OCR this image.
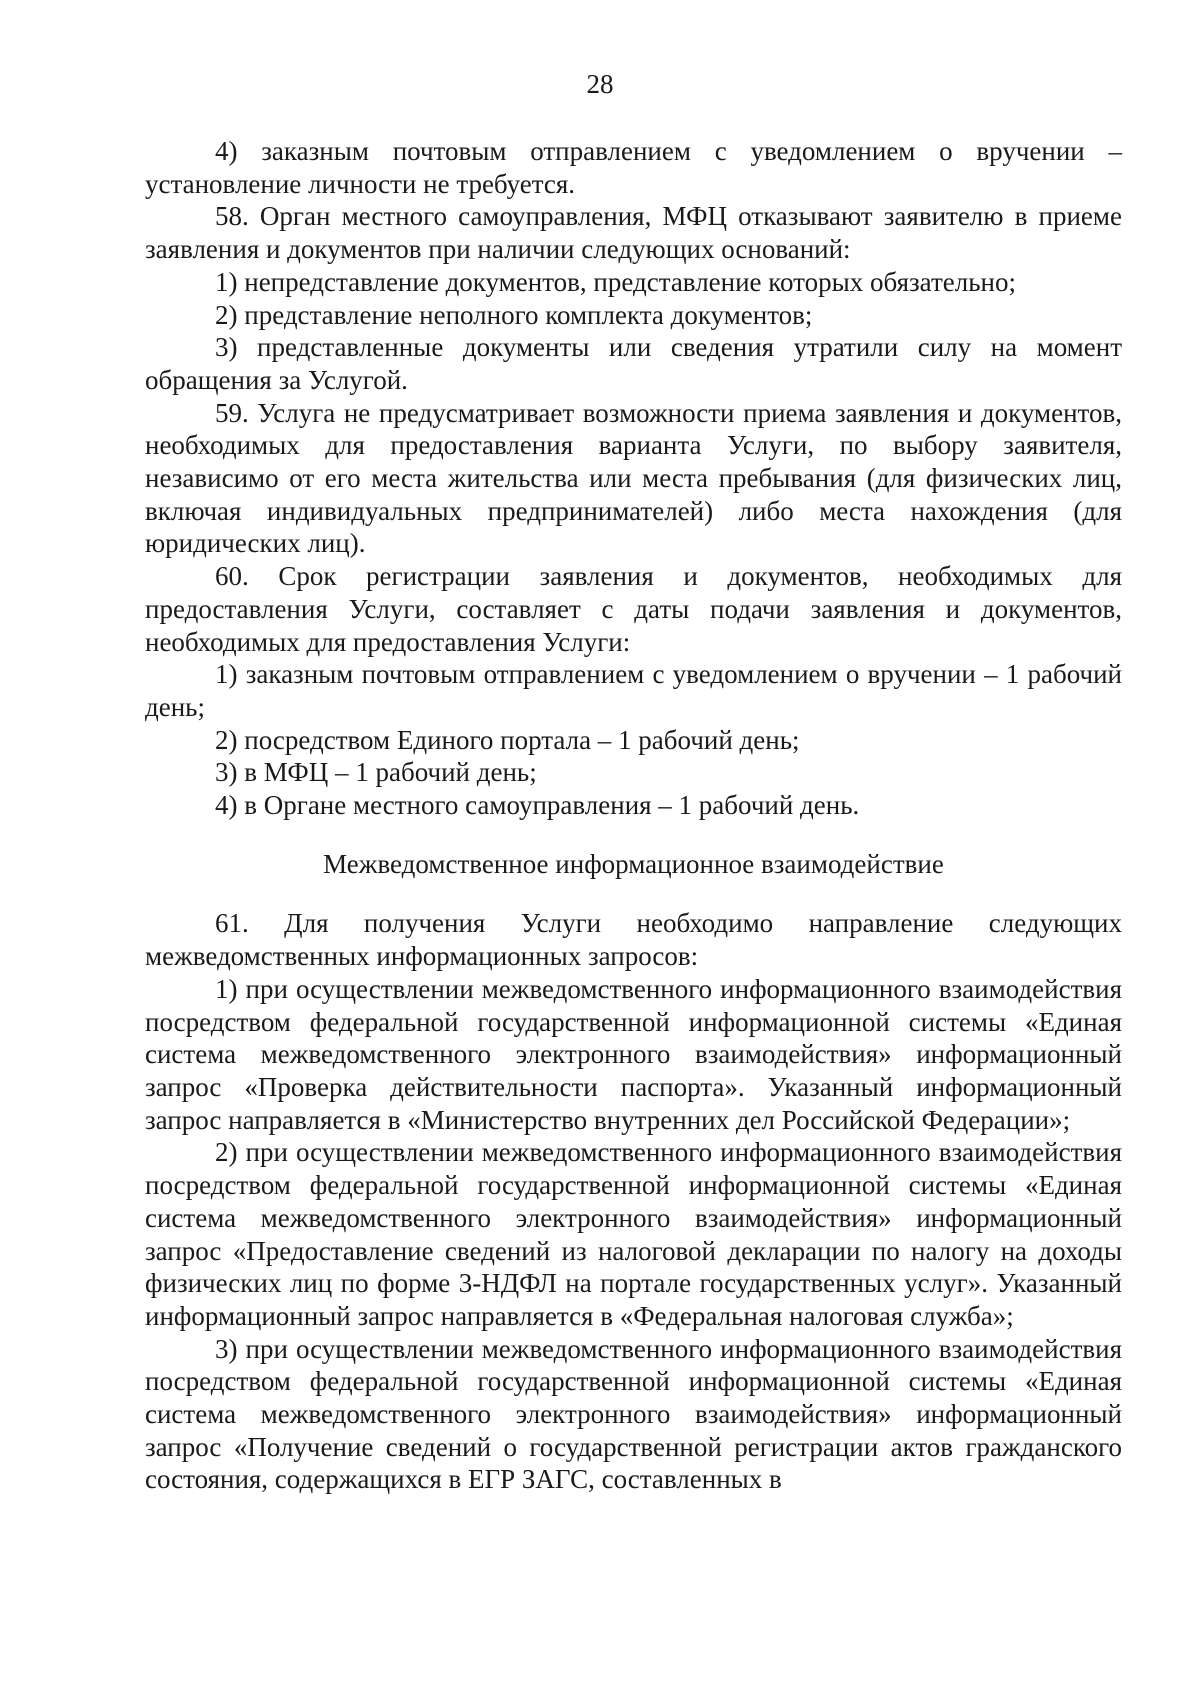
28

4) заказным почтовым отправлением с уведомлением о вручении – установление личности не требуется.

58. Орган местного самоуправления, МФЦ отказывают заявителю в приеме заявления и документов при наличии следующих оснований:

1) непредставление документов, представление которых обязательно;

2) представление неполного комплекта документов;

3) представленные документы или сведения утратили силу на момент обращения за Услугой.

59. Услуга не предусматривает возможности приема заявления и документов, необходимых для предоставления варианта Услуги, по выбору заявителя, независимо от его места жительства или места пребывания (для физических лиц, включая индивидуальных предпринимателей) либо места нахождения (для юридических лиц).

60. Срок регистрации заявления и документов, необходимых для предоставления Услуги, составляет с даты подачи заявления и документов, необходимых для предоставления Услуги:

1) заказным почтовым отправлением с уведомлением о вручении – 1 рабочий день;

2) посредством Единого портала – 1 рабочий день;

3) в МФЦ – 1 рабочий день;

4) в Органе местного самоуправления – 1 рабочий день.

Межведомственное информационное взаимодействие

61. Для получения Услуги необходимо направление следующих межведомственных информационных запросов:

1) при осуществлении межведомственного информационного взаимодействия посредством федеральной государственной информационной системы «Единая система межведомственного электронного взаимодействия» информационный запрос «Проверка действительности паспорта». Указанный информационный запрос направляется в «Министерство внутренних дел Российской Федерации»;

2) при осуществлении межведомственного информационного взаимодействия посредством федеральной государственной информационной системы «Единая система межведомственного электронного взаимодействия» информационный запрос «Предоставление сведений из налоговой декларации по налогу на доходы физических лиц по форме 3-НДФЛ на портале государственных услуг». Указанный информационный запрос направляется в «Федеральная налоговая служба»;

3) при осуществлении межведомственного информационного взаимодействия посредством федеральной государственной информационной системы «Единая система межведомственного электронного взаимодействия» информационный запрос «Получение сведений о государственной регистрации актов гражданского состояния, содержащихся в ЕГР ЗАГС, составленных в
